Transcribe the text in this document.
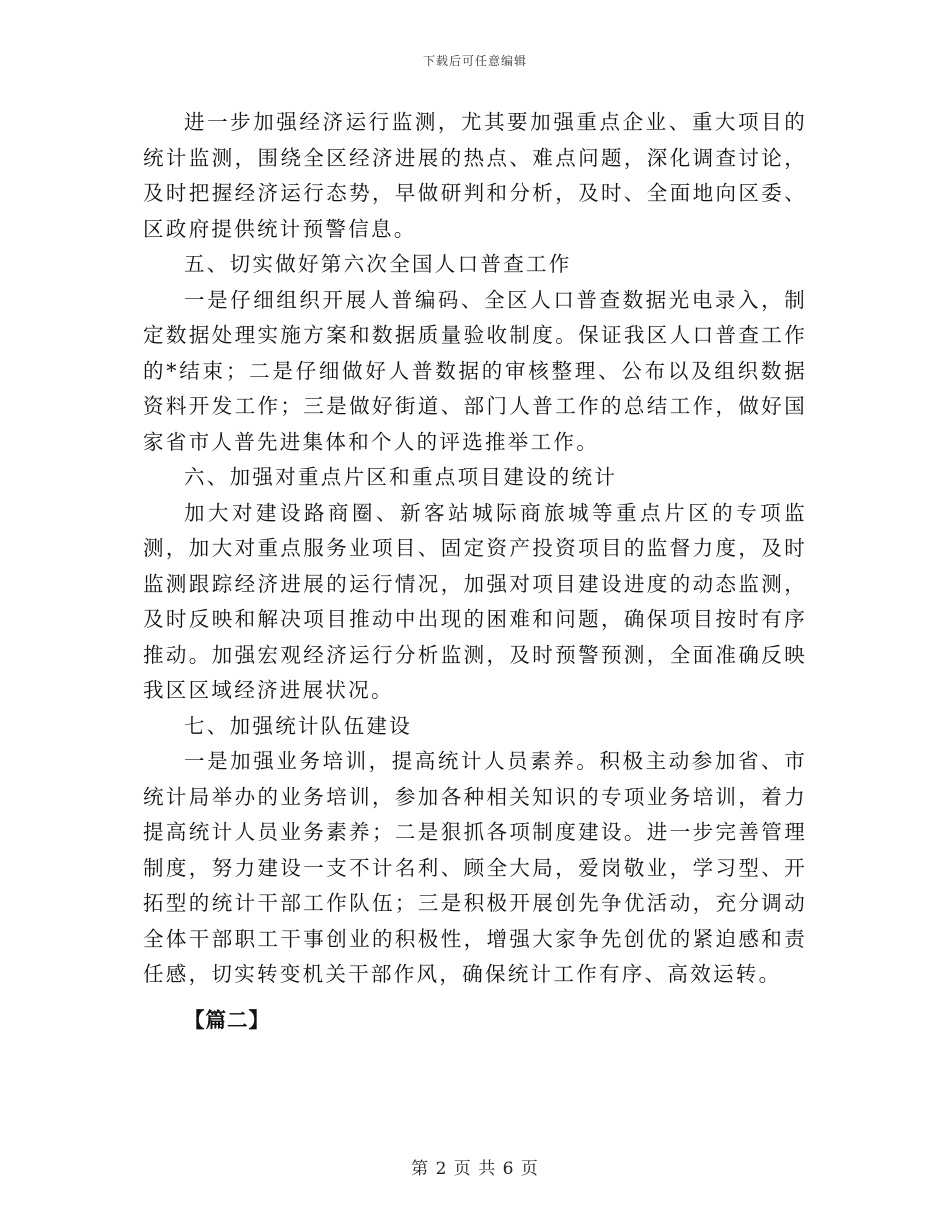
下载后可任意编辑

进一步加强经济运行监测，尤其要加强重点企业、重大项目的统计监测，围绕全区经济进展的热点、难点问题，深化调查讨论，及时把握经济运行态势，早做研判和分析，及时、全面地向区委、区政府提供统计预警信息。

五、切实做好第六次全国人口普查工作

一是仔细组织开展人普编码、全区人口普查数据光电录入，制定数据处理实施方案和数据质量验收制度。保证我区人口普查工作的*结束；二是仔细做好人普数据的审核整理、公布以及组织数据资料开发工作；三是做好街道、部门人普工作的总结工作，做好国家省市人普先进集体和个人的评选推举工作。

六、加强对重点片区和重点项目建设的统计

加大对建设路商圈、新客站城际商旅城等重点片区的专项监测，加大对重点服务业项目、固定资产投资项目的监督力度，及时监测跟踪经济进展的运行情况，加强对项目建设进度的动态监测，及时反映和解决项目推动中出现的困难和问题，确保项目按时有序推动。加强宏观经济运行分析监测，及时预警预测，全面准确反映我区区域经济进展状况。

七、加强统计队伍建设

一是加强业务培训，提高统计人员素养。积极主动参加省、市统计局举办的业务培训，参加各种相关知识的专项业务培训，着力提高统计人员业务素养；二是狠抓各项制度建设。进一步完善管理制度，努力建设一支不计名利、顾全大局，爱岗敬业，学习型、开拓型的统计干部工作队伍；三是积极开展创先争优活动，充分调动全体干部职工干事创业的积极性，增强大家争先创优的紧迫感和责任感，切实转变机关干部作风，确保统计工作有序、高效运转。

【篇二】

第 2 页 共 6 页
